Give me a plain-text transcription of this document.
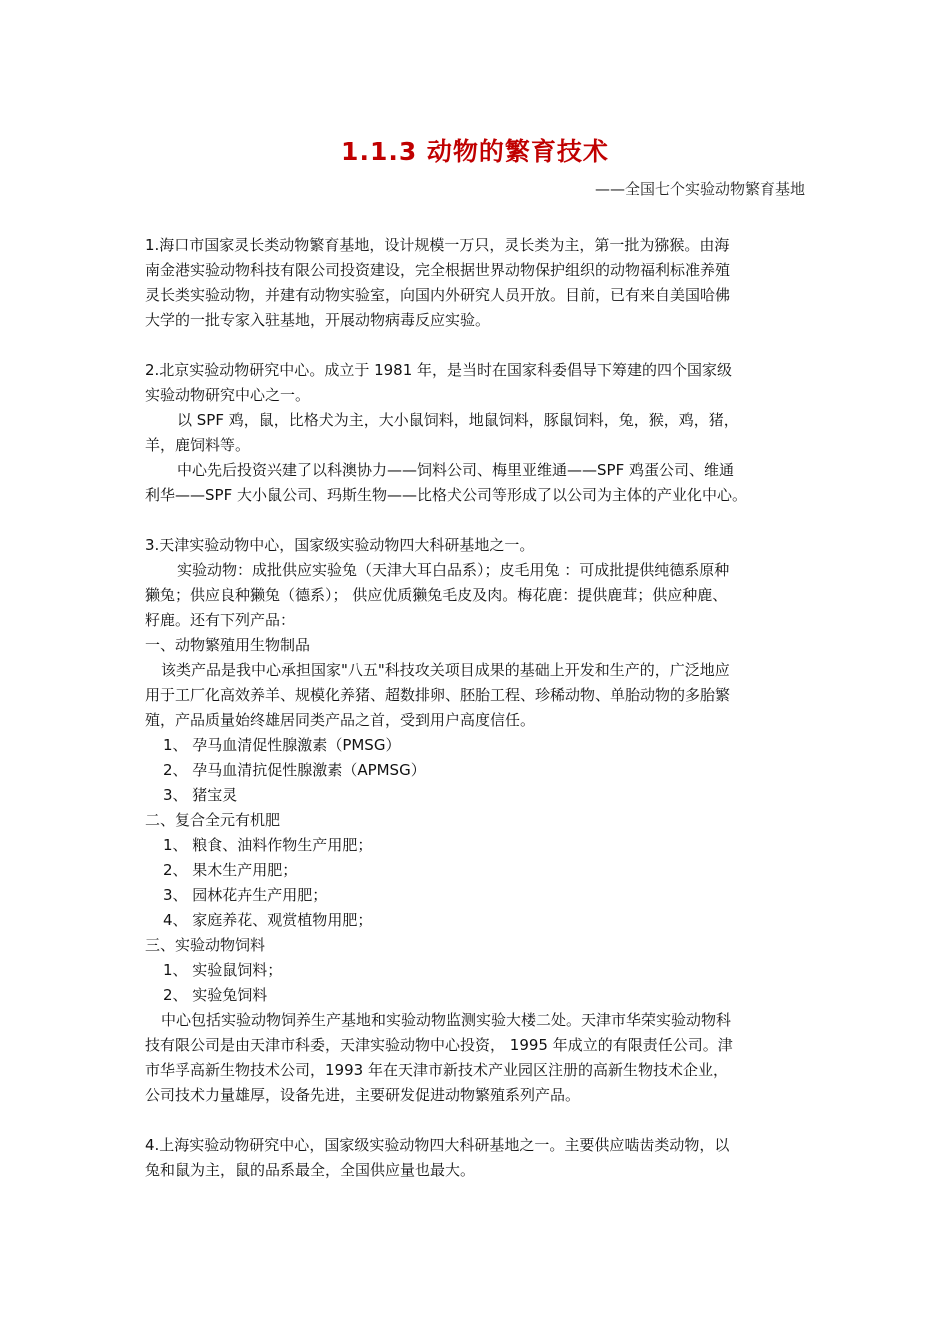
1.1.3 动物的繁育技术
——全国七个实验动物繁育基地

1.海口市国家灵长类动物繁育基地，设计规模一万只，灵长类为主，第一批为猕猴。由海

南金港实验动物科技有限公司投资建设，完全根据世界动物保护组织的动物福利标准养殖

灵长类实验动物，并建有动物实验室，向国内外研究人员开放。目前，已有来自美国哈佛

大学的一批专家入驻基地，开展动物病毒反应实验。

2.北京实验动物研究中心。成立于 1981 年，是当时在国家科委倡导下筹建的四个国家级

实验动物研究中心之一。

以 SPF 鸡，鼠，比格犬为主，大小鼠饲料，地鼠饲料，豚鼠饲料，兔，猴，鸡，猪，

羊，鹿饲料等。

中心先后投资兴建了以科澳协力——饲料公司、梅里亚维通——SPF 鸡蛋公司、维通

利华——SPF 大小鼠公司、玛斯生物——比格犬公司等形成了以公司为主体的产业化中心。

3.天津实验动物中心，国家级实验动物四大科研基地之一。

实验动物：成批供应实验兔（天津大耳白品系）；皮毛用兔 ：可成批提供纯德系原种

獭兔；供应良种獭兔（德系）； 供应优质獭兔毛皮及肉。梅花鹿：提供鹿茸；供应种鹿、

籽鹿。还有下列产品：

一、动物繁殖用生物制品

该类产品是我中心承担国家"八五"科技攻关项目成果的基础上开发和生产的，广泛地应

用于工厂化高效养羊、规模化养猪、超数排卵、胚胎工程、珍稀动物、单胎动物的多胎繁

殖，产品质量始终雄居同类产品之首，受到用户高度信任。

1、 孕马血清促性腺激素（PMSG）

2、 孕马血清抗促性腺激素（APMSG）

3、 猪宝灵

二、复合全元有机肥

1、 粮食、油料作物生产用肥；

2、 果木生产用肥；

3、 园林花卉生产用肥；

4、 家庭养花、观赏植物用肥；

三、实验动物饲料

1、 实验鼠饲料；

2、 实验兔饲料

中心包括实验动物饲养生产基地和实验动物监测实验大楼二处。天津市华荣实验动物科

技有限公司是由天津市科委，天津实验动物中心投资， 1995 年成立的有限责任公司。津

市华孚高新生物技术公司，1993 年在天津市新技术产业园区注册的高新生物技术企业，

公司技术力量雄厚，设备先进，主要研发促进动物繁殖系列产品。

4.上海实验动物研究中心，国家级实验动物四大科研基地之一。主要供应啮齿类动物，以

兔和鼠为主，鼠的品系最全，全国供应量也最大。
